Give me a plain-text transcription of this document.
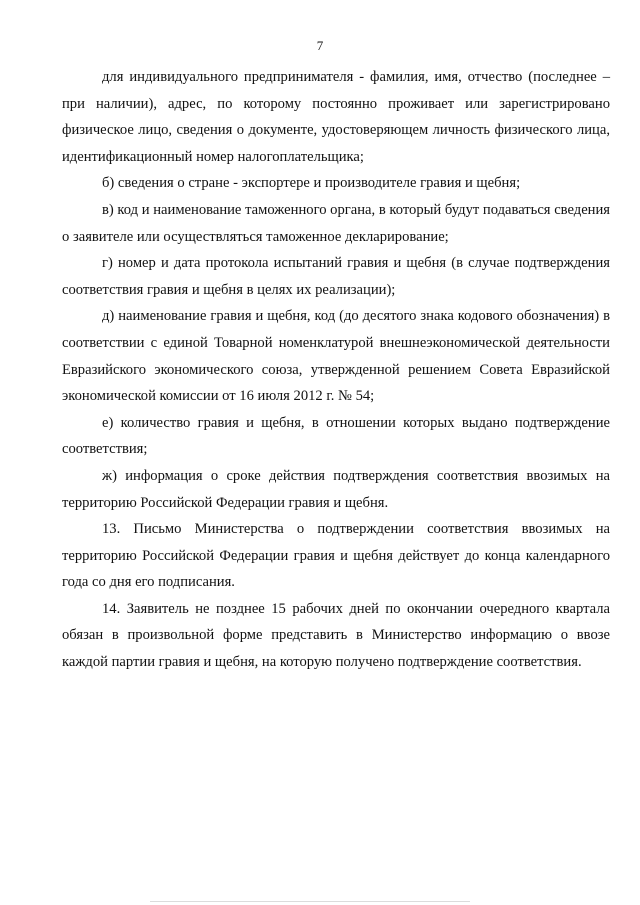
7

для индивидуального предпринимателя - фамилия, имя, отчество (последнее – при наличии), адрес, по которому постоянно проживает или зарегистрировано физическое лицо, сведения о документе, удостоверяющем личность физического лица, идентификационный номер налогоплательщика;

б) сведения о стране - экспортере и производителе гравия и щебня;

в) код и наименование таможенного органа, в который будут подаваться сведения о заявителе или осуществляться таможенное декларирование;

г) номер и дата протокола испытаний гравия и щебня (в случае подтверждения соответствия гравия и щебня в целях их реализации);

д) наименование гравия и щебня, код (до десятого знака кодового обозначения) в соответствии с единой Товарной номенклатурой внешнеэкономической деятельности Евразийского экономического союза, утвержденной решением Совета Евразийской экономической комиссии от 16 июля 2012 г. № 54;

е) количество гравия и щебня, в отношении которых выдано подтверждение соответствия;

ж) информация о сроке действия подтверждения соответствия ввозимых на территорию Российской Федерации гравия и щебня.

13. Письмо Министерства о подтверждении соответствия ввозимых на территорию Российской Федерации гравия и щебня действует до конца календарного года со дня его подписания.

14. Заявитель не позднее 15 рабочих дней по окончании очередного квартала обязан в произвольной форме представить в Министерство информацию о ввозе каждой партии гравия и щебня, на которую получено подтверждение соответствия.
